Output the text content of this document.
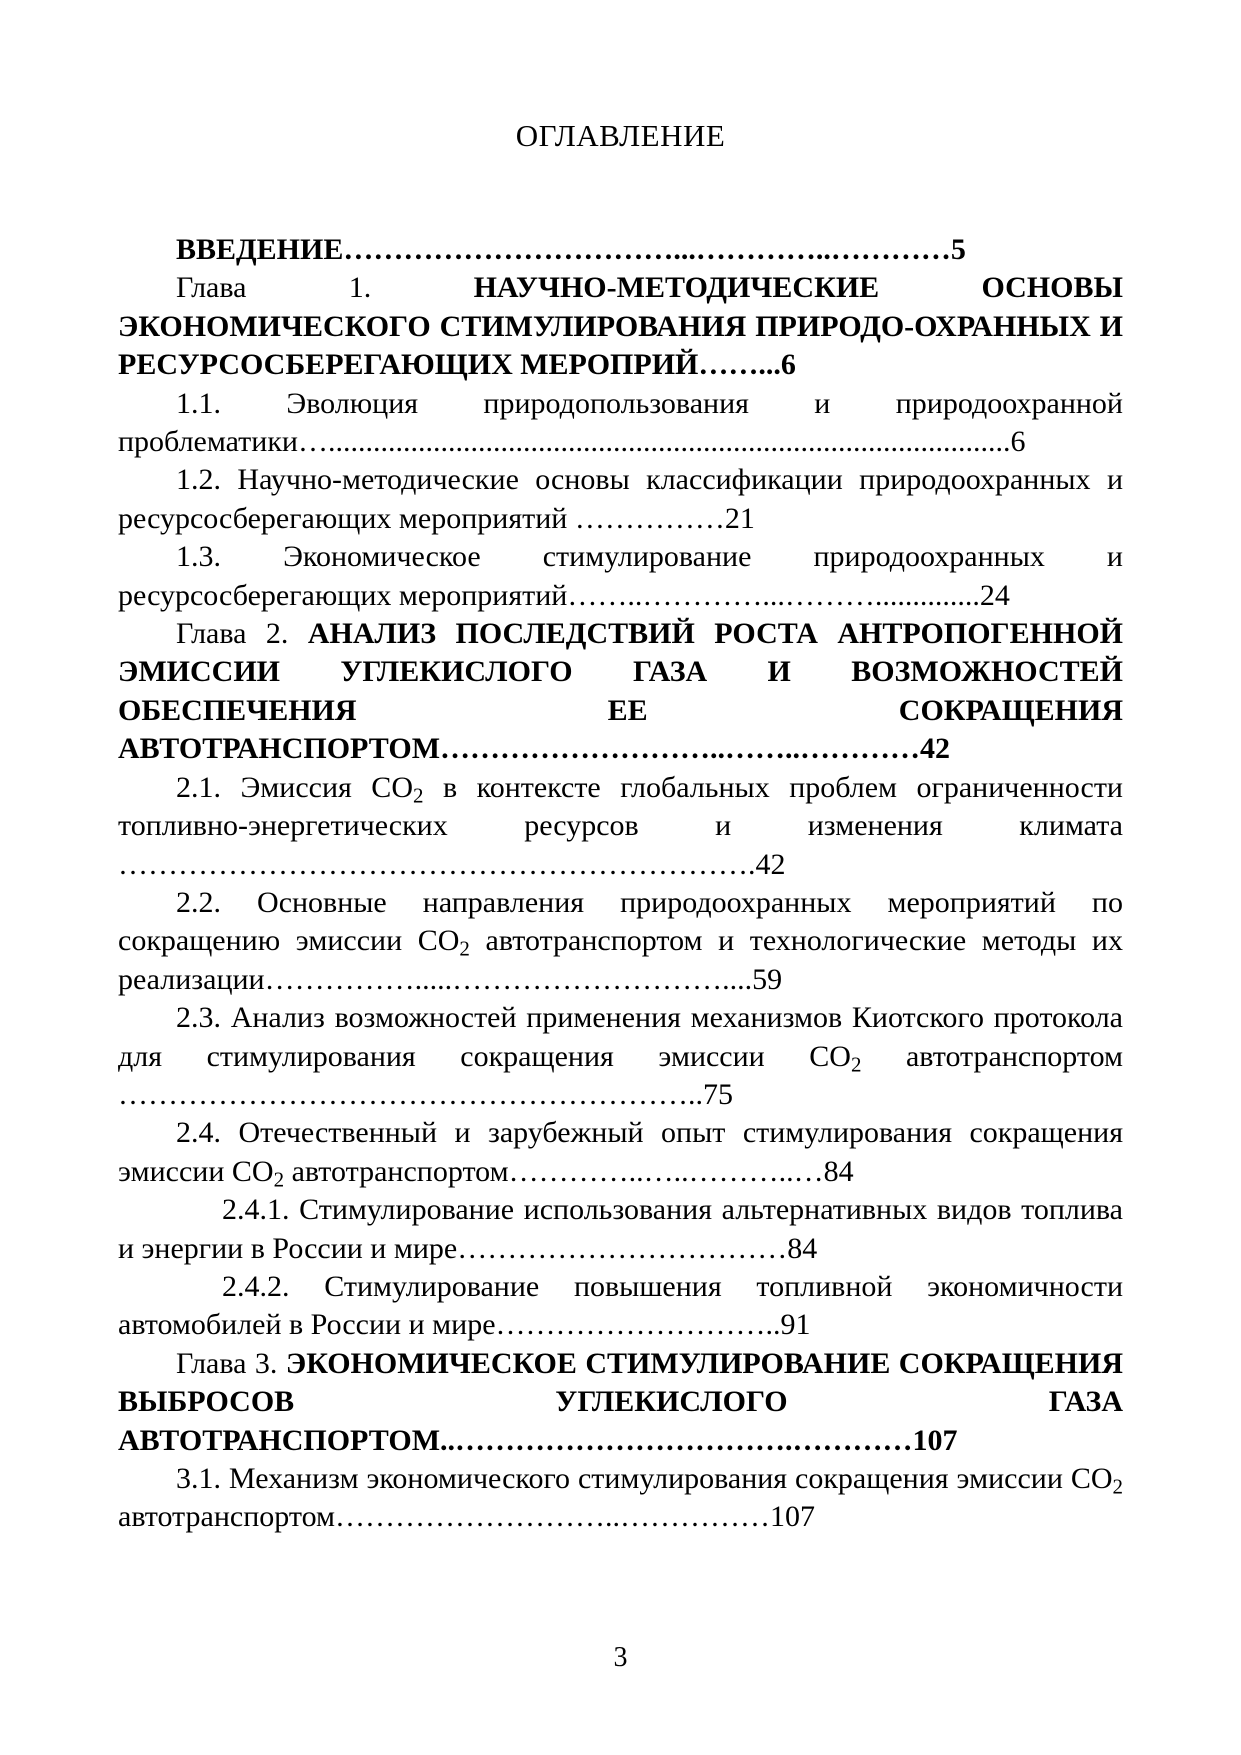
ОГЛАВЛЕНИЕ
ВВЕДЕНИЕ……………………………...…………..…………5
Глава 1. НАУЧНО-МЕТОДИЧЕСКИЕ ОСНОВЫ ЭКОНОМИЧЕСКОГО СТИМУЛИРОВАНИЯ ПРИРОДО-ОХРАННЫХ И РЕСУРСОСБЕРЕГАЮЩИХ МЕРОПРИЙ……...6
1.1. Эволюция природопользования и природоохранной проблематики…...........................................................................................6
1.2. Научно-методические основы классификации природоохранных и ресурсосберегающих мероприятий ……………21
1.3. Экономическое стимулирование природоохранных и ресурсосберегающих мероприятий……..…………...………..............24
Глава 2. АНАЛИЗ ПОСЛЕДСТВИЙ РОСТА АНТРОПОГЕННОЙ ЭМИССИИ УГЛЕКИСЛОГО ГАЗА И ВОЗМОЖНОСТЕЙ ОБЕСПЕЧЕНИЯ ЕЕ СОКРАЩЕНИЯ АВТОТРАНСПОРТОМ………………………..……..…………42
2.1. Эмиссия $CO_2$ в контексте глобальных проблем ограниченности топливно-энергетических ресурсов и изменения климата ……………………………………………………….42
2.2. Основные направления природоохранных мероприятий по сокращению эмиссии $CO_2$ автотранспортом и технологические методы их реализации…………….....………………………....59
2.3. Анализ возможностей применения механизмов Киотского протокола для стимулирования сокращения эмиссии $CO_2$ автотранспортом …………………………………………………..75
2.4. Отечественный и зарубежный опыт стимулирования сокращения эмиссии $CO_2$ автотранспортом…………..…..………..…84
2.4.1. Стимулирование использования альтернативных видов топлива и энергии в России и мире……………………………84
2.4.2. Стимулирование повышения топливной экономичности автомобилей в России и мире………………………..91
Глава 3. ЭКОНОМИЧЕСКОЕ СТИМУЛИРОВАНИЕ СОКРАЩЕНИЯ ВЫБРОСОВ УГЛЕКИСЛОГО ГАЗА АВТОТРАНСПОРТОМ..…………………………….…………107
3.1. Механизм экономического стимулирования сокращения эмиссии $CO_2$ автотранспортом………………………..……………107
3
